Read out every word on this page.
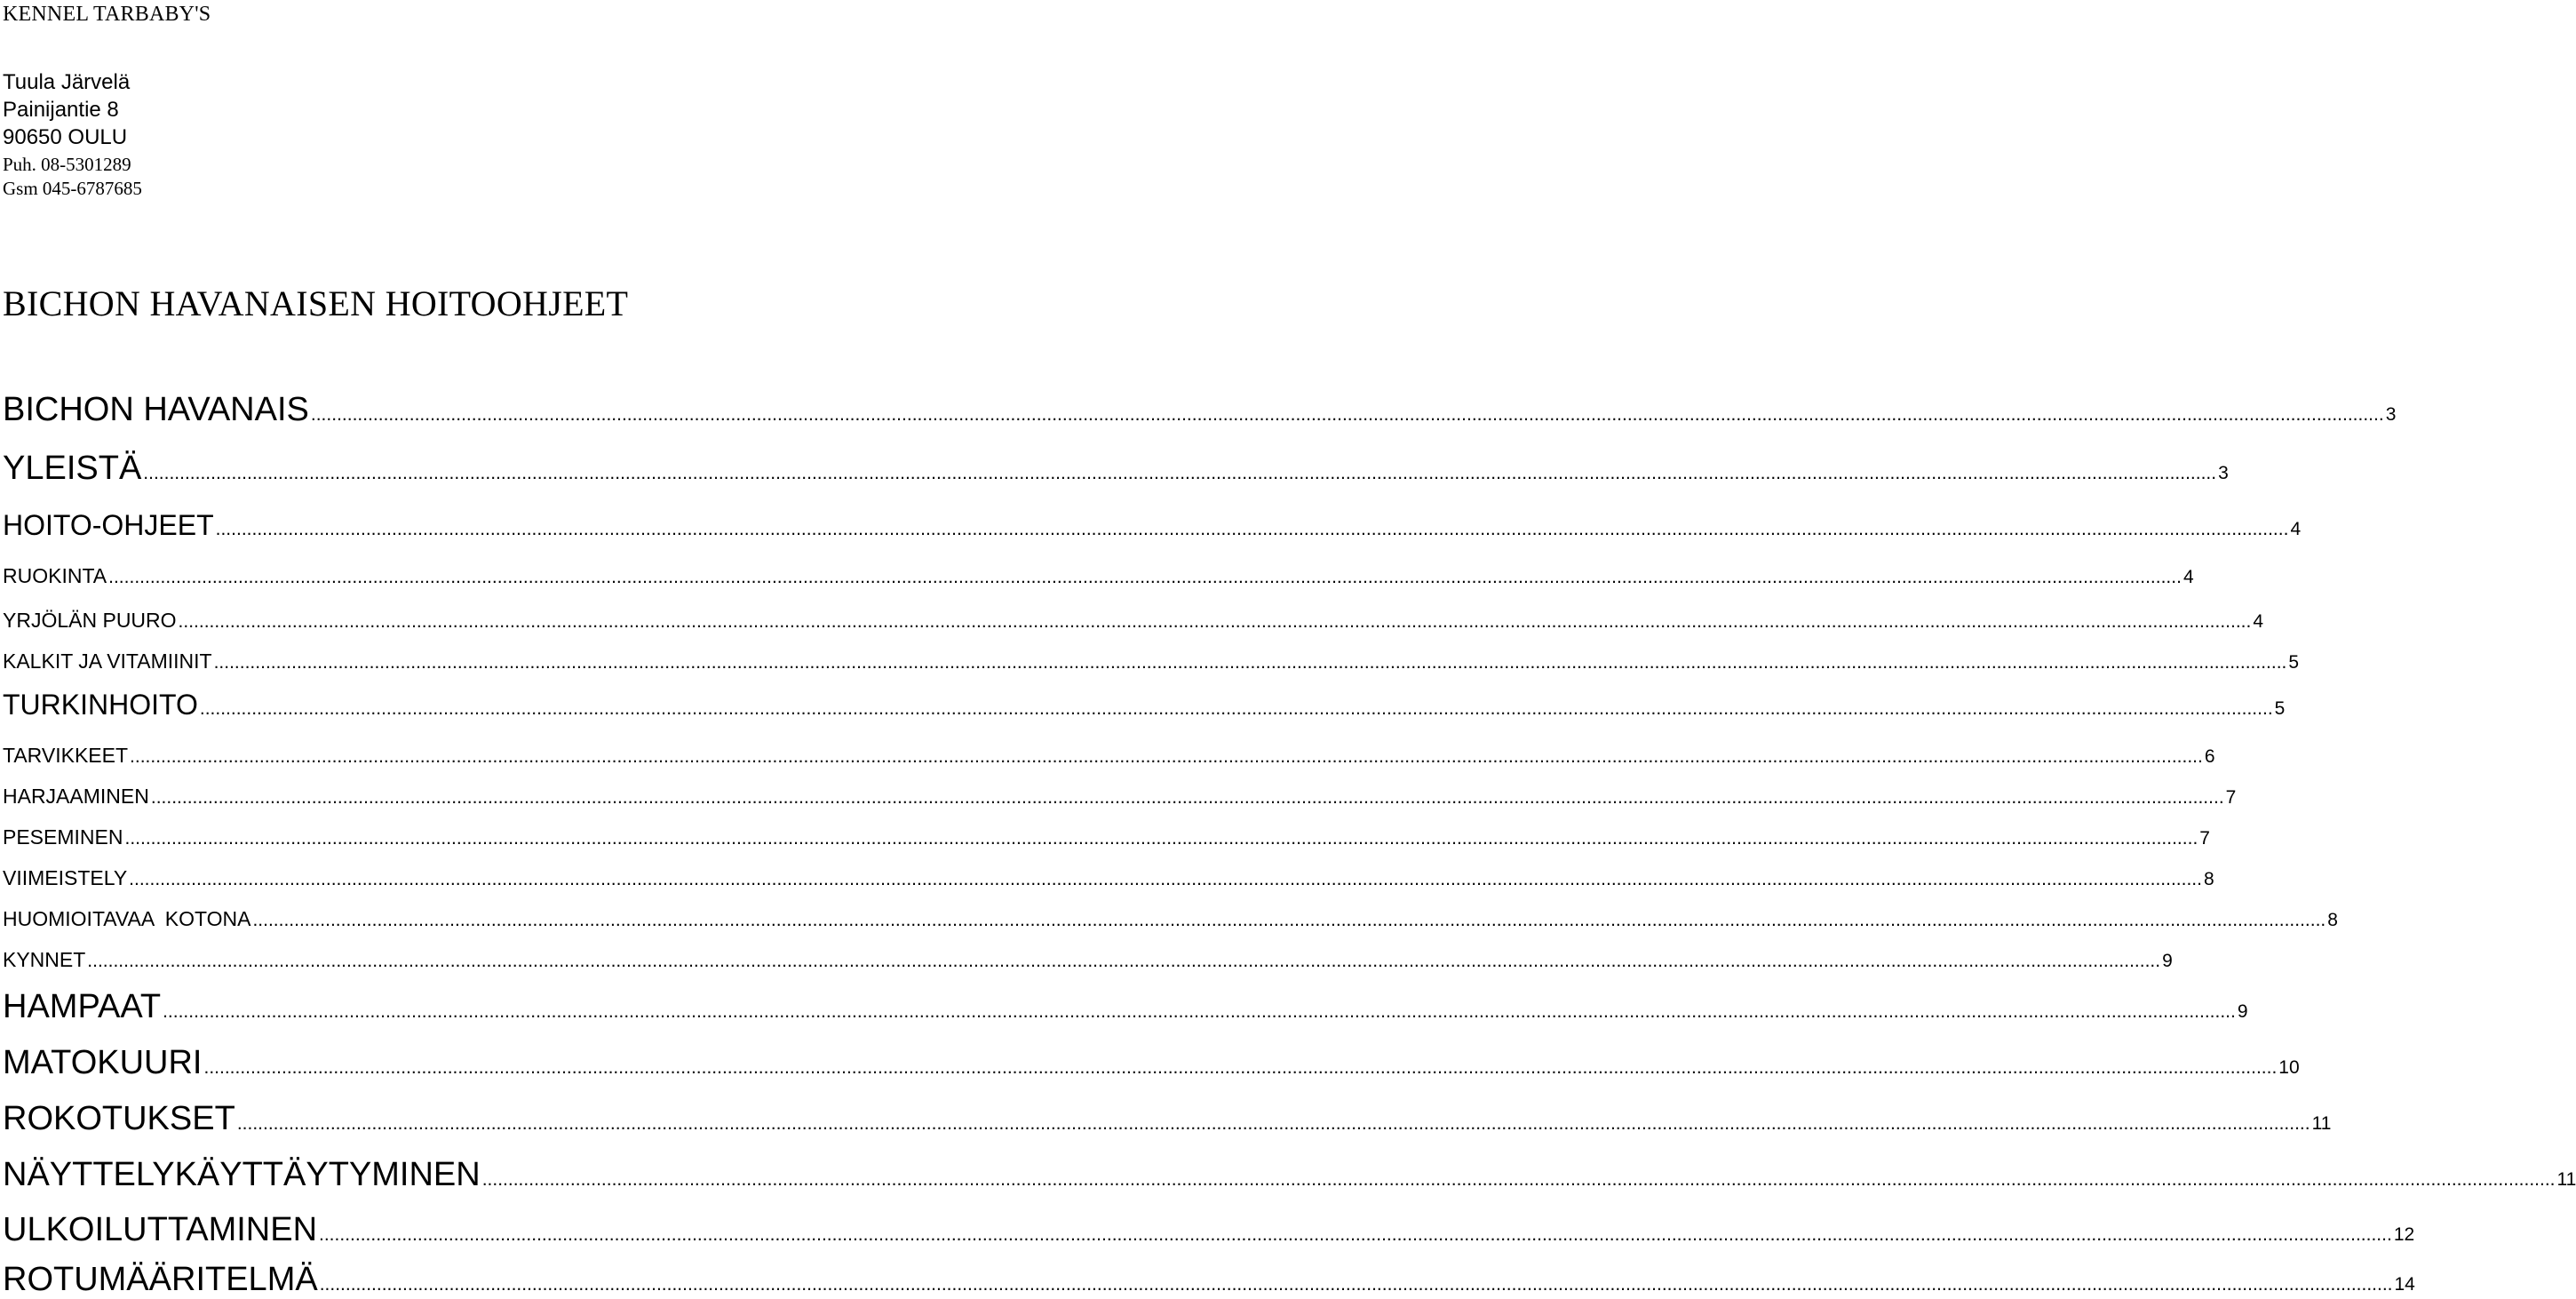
KENNEL TARBABY'S
Tuula Järvelä
Painijantie 8
90650 OULU
Puh. 08-5301289
Gsm 045-6787685
BICHON HAVANAISEN HOITOOHJEET
BICHON HAVANAIS ................................................................................................................................................................................................................................................................................................................................................................................................................ 3
YLEISTÄ ................................................................................................................................................................................................................................................................................................................................................................................................................ 3
HOITO-OHJEET ................................................................................................................................................................................................................................................................................................................................................................................................................ 4
RUOKINTA ................................................................................................................................................................................................................................................................................................................................................................................................................ 4
YRJÖLÄN PUURO ................................................................................................................................................................................................................................................................................................................................................................................................................ 4
KALKIT JA VITAMIINIT ................................................................................................................................................................................................................................................................................................................................................................................................................ 5
TURKINHOITO ................................................................................................................................................................................................................................................................................................................................................................................................................ 5
TARVIKKEET ................................................................................................................................................................................................................................................................................................................................................................................................................ 6
HARJAAMINEN ................................................................................................................................................................................................................................................................................................................................................................................................................ 7
PESEMINEN ................................................................................................................................................................................................................................................................................................................................................................................................................ 7
VIIMEISTELY ................................................................................................................................................................................................................................................................................................................................................................................................................ 8
HUOMIOITAVAA  KOTONA ................................................................................................................................................................................................................................................................................................................................................................................................................ 8
KYNNET ................................................................................................................................................................................................................................................................................................................................................................................................................ 9
HAMPAAT ................................................................................................................................................................................................................................................................................................................................................................................................................ 9
MATOKUURI ................................................................................................................................................................................................................................................................................................................................................................................................................ 10
ROKOTUKSET ................................................................................................................................................................................................................................................................................................................................................................................................................ 11
NÄYTTELYKÄYTTÄYTYMINEN ................................................................................................................................................................................................................................................................................................................................................................................................................ 11
ULKOILUTTAMINEN ................................................................................................................................................................................................................................................................................................................................................................................................................ 12
ROTUMÄÄRITELMÄ ................................................................................................................................................................................................................................................................................................................................................................................................................ 14
